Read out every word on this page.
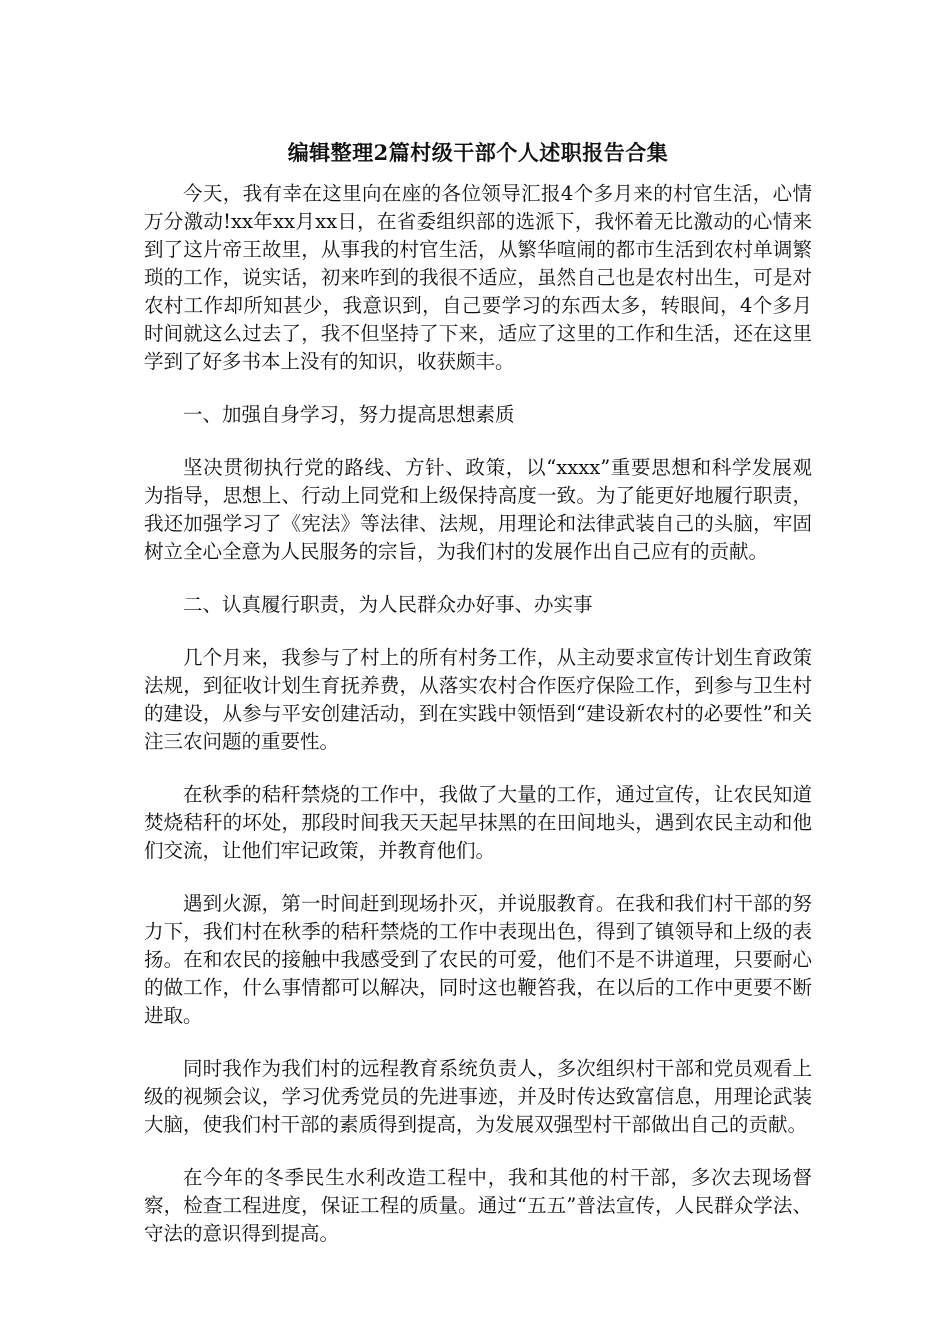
编辑整理2篇村级干部个人述职报告合集

今天，我有幸在这里向在座的各位领导汇报4个多月来的村官生活，心情万分激动!xx年xx月xx日，在省委组织部的选派下，我怀着无比激动的心情来到了这片帝王故里，从事我的村官生活，从繁华喧闹的都市生活到农村单调繁琐的工作，说实话，初来咋到的我很不适应，虽然自己也是农村出生，可是对农村工作却所知甚少，我意识到，自己要学习的东西太多，转眼间，4个多月时间就这么过去了，我不但坚持了下来，适应了这里的工作和生活，还在这里学到了好多书本上没有的知识，收获颇丰。

一、加强自身学习，努力提高思想素质

坚决贯彻执行党的路线、方针、政策，以“xxxx”重要思想和科学发展观为指导，思想上、行动上同党和上级保持高度一致。为了能更好地履行职责，我还加强学习了《宪法》等法律、法规，用理论和法律武装自己的头脑，牢固树立全心全意为人民服务的宗旨，为我们村的发展作出自己应有的贡献。

二、认真履行职责，为人民群众办好事、办实事

几个月来，我参与了村上的所有村务工作，从主动要求宣传计划生育政策法规，到征收计划生育抚养费，从落实农村合作医疗保险工作，到参与卫生村的建设，从参与平安创建活动，到在实践中领悟到“建设新农村的必要性”和关注三农问题的重要性。

在秋季的秸秆禁烧的工作中，我做了大量的工作，通过宣传，让农民知道焚烧秸秆的坏处，那段时间我天天起早抹黑的在田间地头，遇到农民主动和他们交流，让他们牢记政策，并教育他们。

遇到火源，第一时间赶到现场扑灭，并说服教育。在我和我们村干部的努力下，我们村在秋季的秸秆禁烧的工作中表现出色，得到了镇领导和上级的表扬。在和农民的接触中我感受到了农民的可爱，他们不是不讲道理，只要耐心的做工作，什么事情都可以解决，同时这也鞭笞我，在以后的工作中更要不断进取。

同时我作为我们村的远程教育系统负责人，多次组织村干部和党员观看上级的视频会议，学习优秀党员的先进事迹，并及时传达致富信息，用理论武装大脑，使我们村干部的素质得到提高，为发展双强型村干部做出自己的贡献。

在今年的冬季民生水利改造工程中，我和其他的村干部，多次去现场督察，检查工程进度，保证工程的质量。通过“五五”普法宣传，人民群众学法、守法的意识得到提高。
